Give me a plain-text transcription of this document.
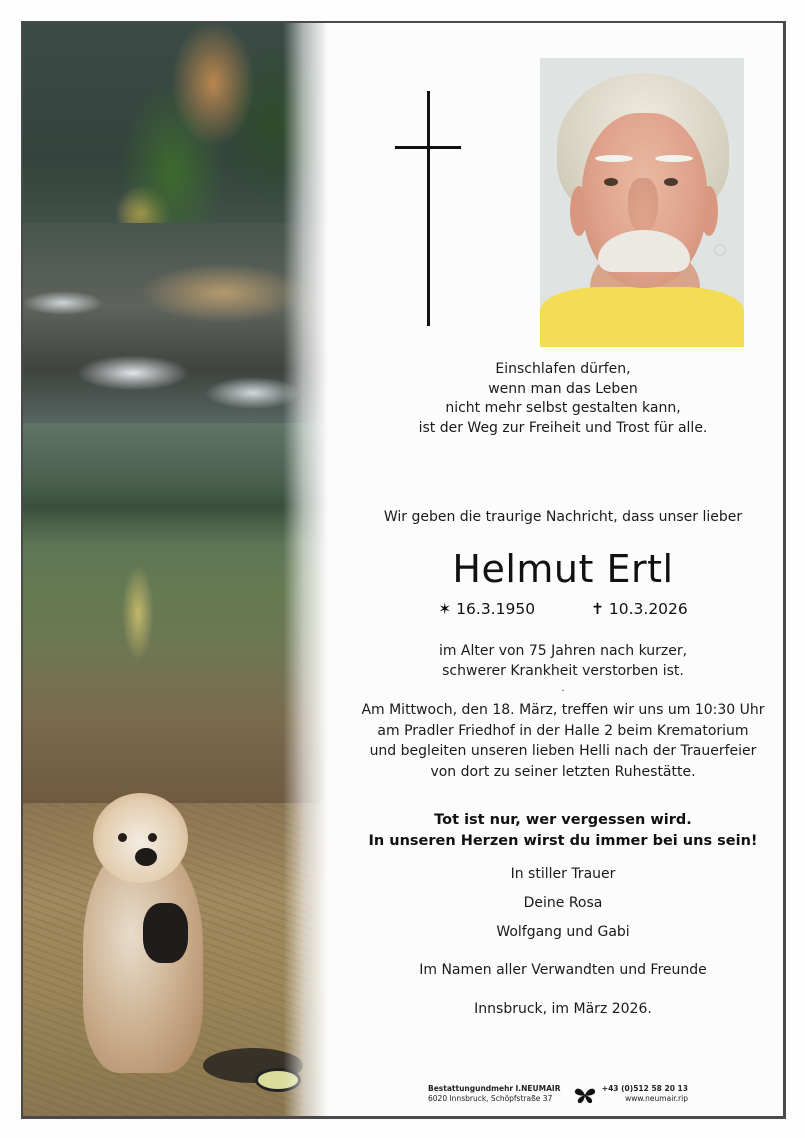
Einschlafen dürfen,
wenn man das Leben
nicht mehr selbst gestalten kann,
ist der Weg zur Freiheit und Trost für alle.
Wir geben die traurige Nachricht, dass unser lieber
Helmut Ertl
✶ 16.3.1950	✝ 10.3.2026
im Alter von 75 Jahren nach kurzer,
schwerer Krankheit verstorben ist.
.
Am Mittwoch, den 18. März, treffen wir uns um 10:30 Uhr
am Pradler Friedhof in der Halle 2 beim Krematorium
und begleiten unseren lieben Helli nach der Trauerfeier
von dort zu seiner letzten Ruhestätte.
Tot ist nur, wer vergessen wird.
In unseren Herzen wirst du immer bei uns sein!
In stiller Trauer
Deine Rosa
Wolfgang und Gabi
Im Namen aller Verwandten und Freunde
Innsbruck, im März 2026.
Bestattungundmehr I.NEUMAIR
6020 Innsbruck, Schöpfstraße 37
+43 (0)512 58 20 13
www.neumair.rip
